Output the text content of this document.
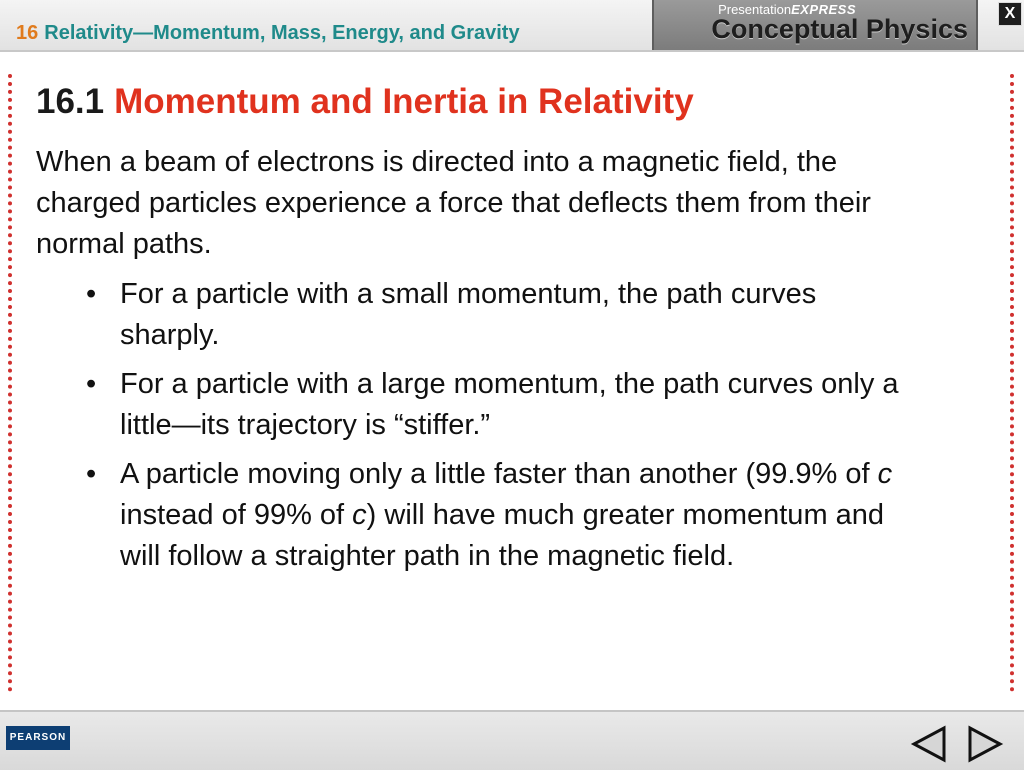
16 Relativity—Momentum, Mass, Energy, and Gravity
PresentationEXPRESS
Conceptual Physics
X
16.1 Momentum and Inertia in Relativity
When a beam of electrons is directed into a magnetic field, the charged particles experience a force that deflects them from their normal paths.
• For a particle with a small momentum, the path curves sharply.
• For a particle with a large momentum, the path curves only a little—its trajectory is “stiffer.”
• A particle moving only a little faster than another (99.9% of c  instead of 99% of c) will have much greater momentum and will follow a straighter path in the magnetic field.
PEARSON
